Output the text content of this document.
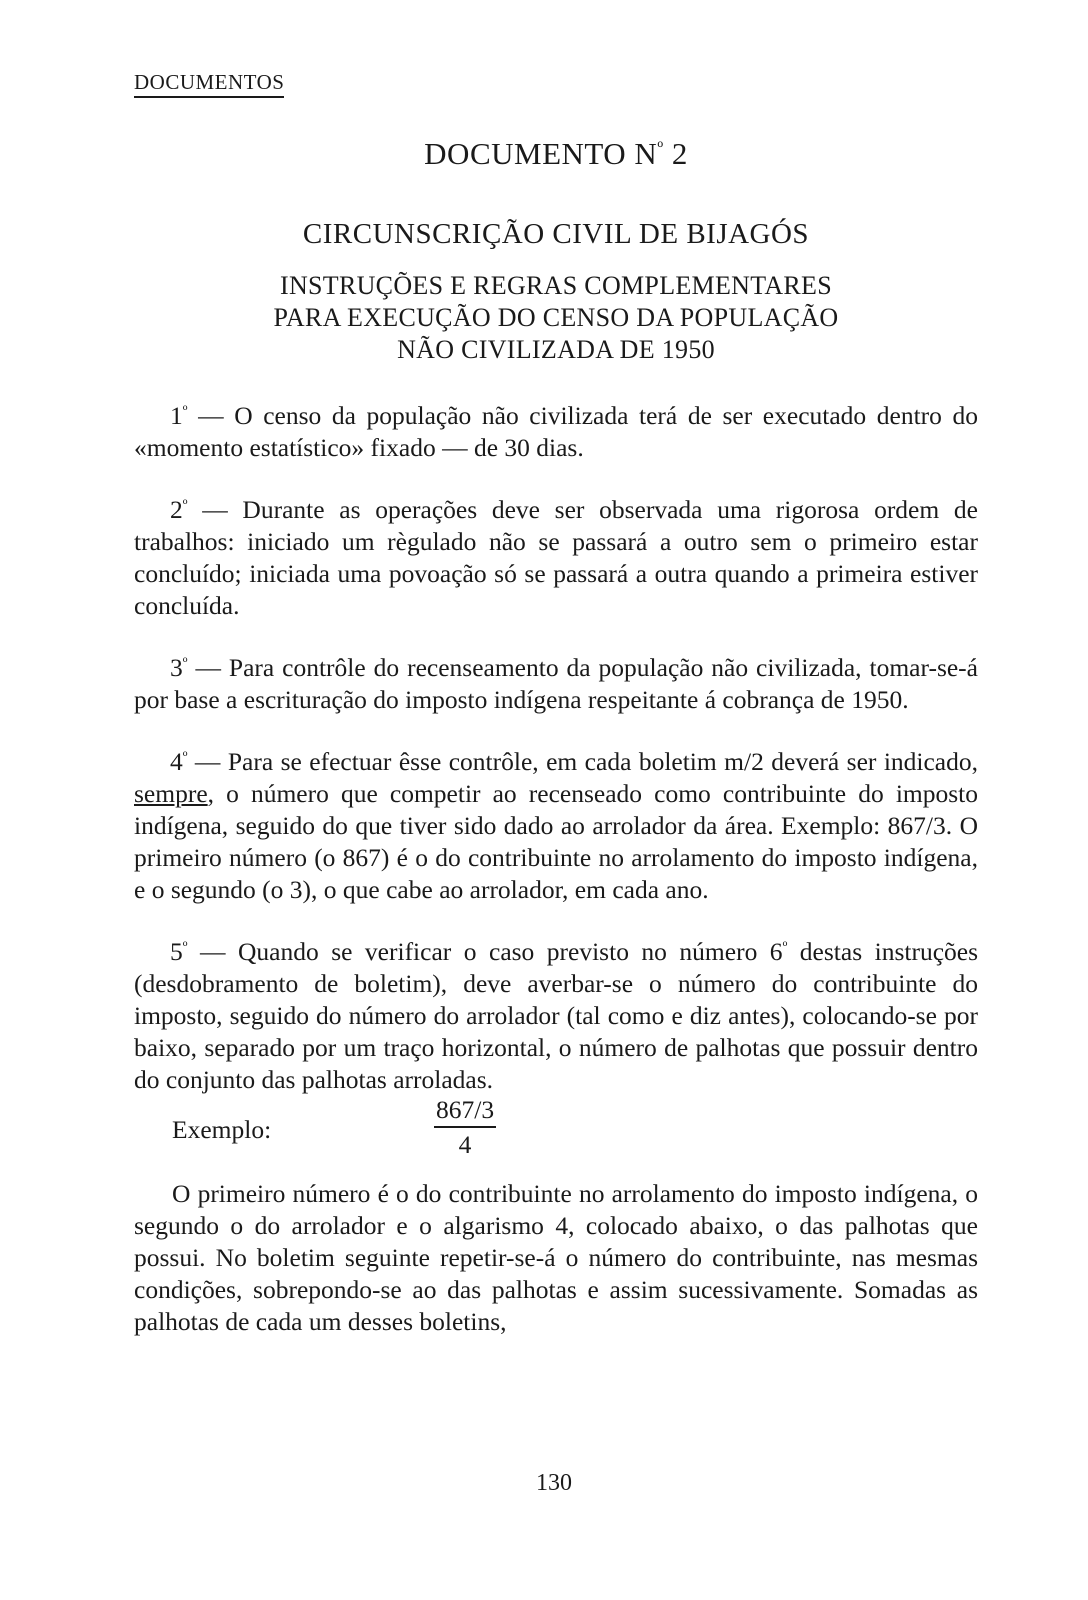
DOCUMENTOS
DOCUMENTO $N^º$ 2
CIRCUNSCRIÇÃO CIVIL DE BIJAGÓS
INSTRUÇÕES E REGRAS COMPLEMENTARES
PARA EXECUÇÃO DO CENSO DA POPULAÇÃO
NÃO CIVILIZADA DE 1950

$1^º$ — O censo da população não civilizada terá de ser executado dentro do «momento estatístico» fixado — de 30 dias.

$2^º$ — Durante as operações deve ser observada uma rigorosa ordem de trabalhos: iniciado um règulado não se passará a outro sem o primeiro estar concluído; iniciada uma povoação só se passará a outra quando a primeira estiver concluída.

$3^º$ — Para contrôle do recenseamento da população não civilizada, tomar-se-á por base a escrituração do imposto indígena respeitante á cobrança de 1950.

$4^º$ — Para se efectuar êsse contrôle, em cada boletim m/2 deverá ser indicado, sempre, o número que competir ao recenseado como contribuinte do imposto indígena, seguido do que tiver sido dado ao arrolador da área. Exemplo: 867/3. O primeiro número (o 867) é o do contribuinte no arrolamento do imposto indígena, e o segundo (o 3), o que cabe ao arrolador, em cada ano.

$5^º$ — Quando se verificar o caso previsto no número $6^º$ destas instruções (desdobramento de boletim), deve averbar-se o número do contribuinte do imposto, seguido do número do arrolador (tal como e diz antes), colocando-se por baixo, separado por um traço horizontal, o número de palhotas que possuir dentro do conjunto das palhotas arroladas.

Exemplo:	$\frac{867/3}{4}$

O primeiro número é o do contribuinte no arrolamento do imposto indígena, o segundo o do arrolador e o algarismo 4, colocado abaixo, o das palhotas que possui. No boletim seguinte repetir-se-á o número do contribuinte, nas mesmas condições, sobrepondo-se ao das palhotas e assim sucessivamente. Somadas as palhotas de cada um desses boletins,

130
